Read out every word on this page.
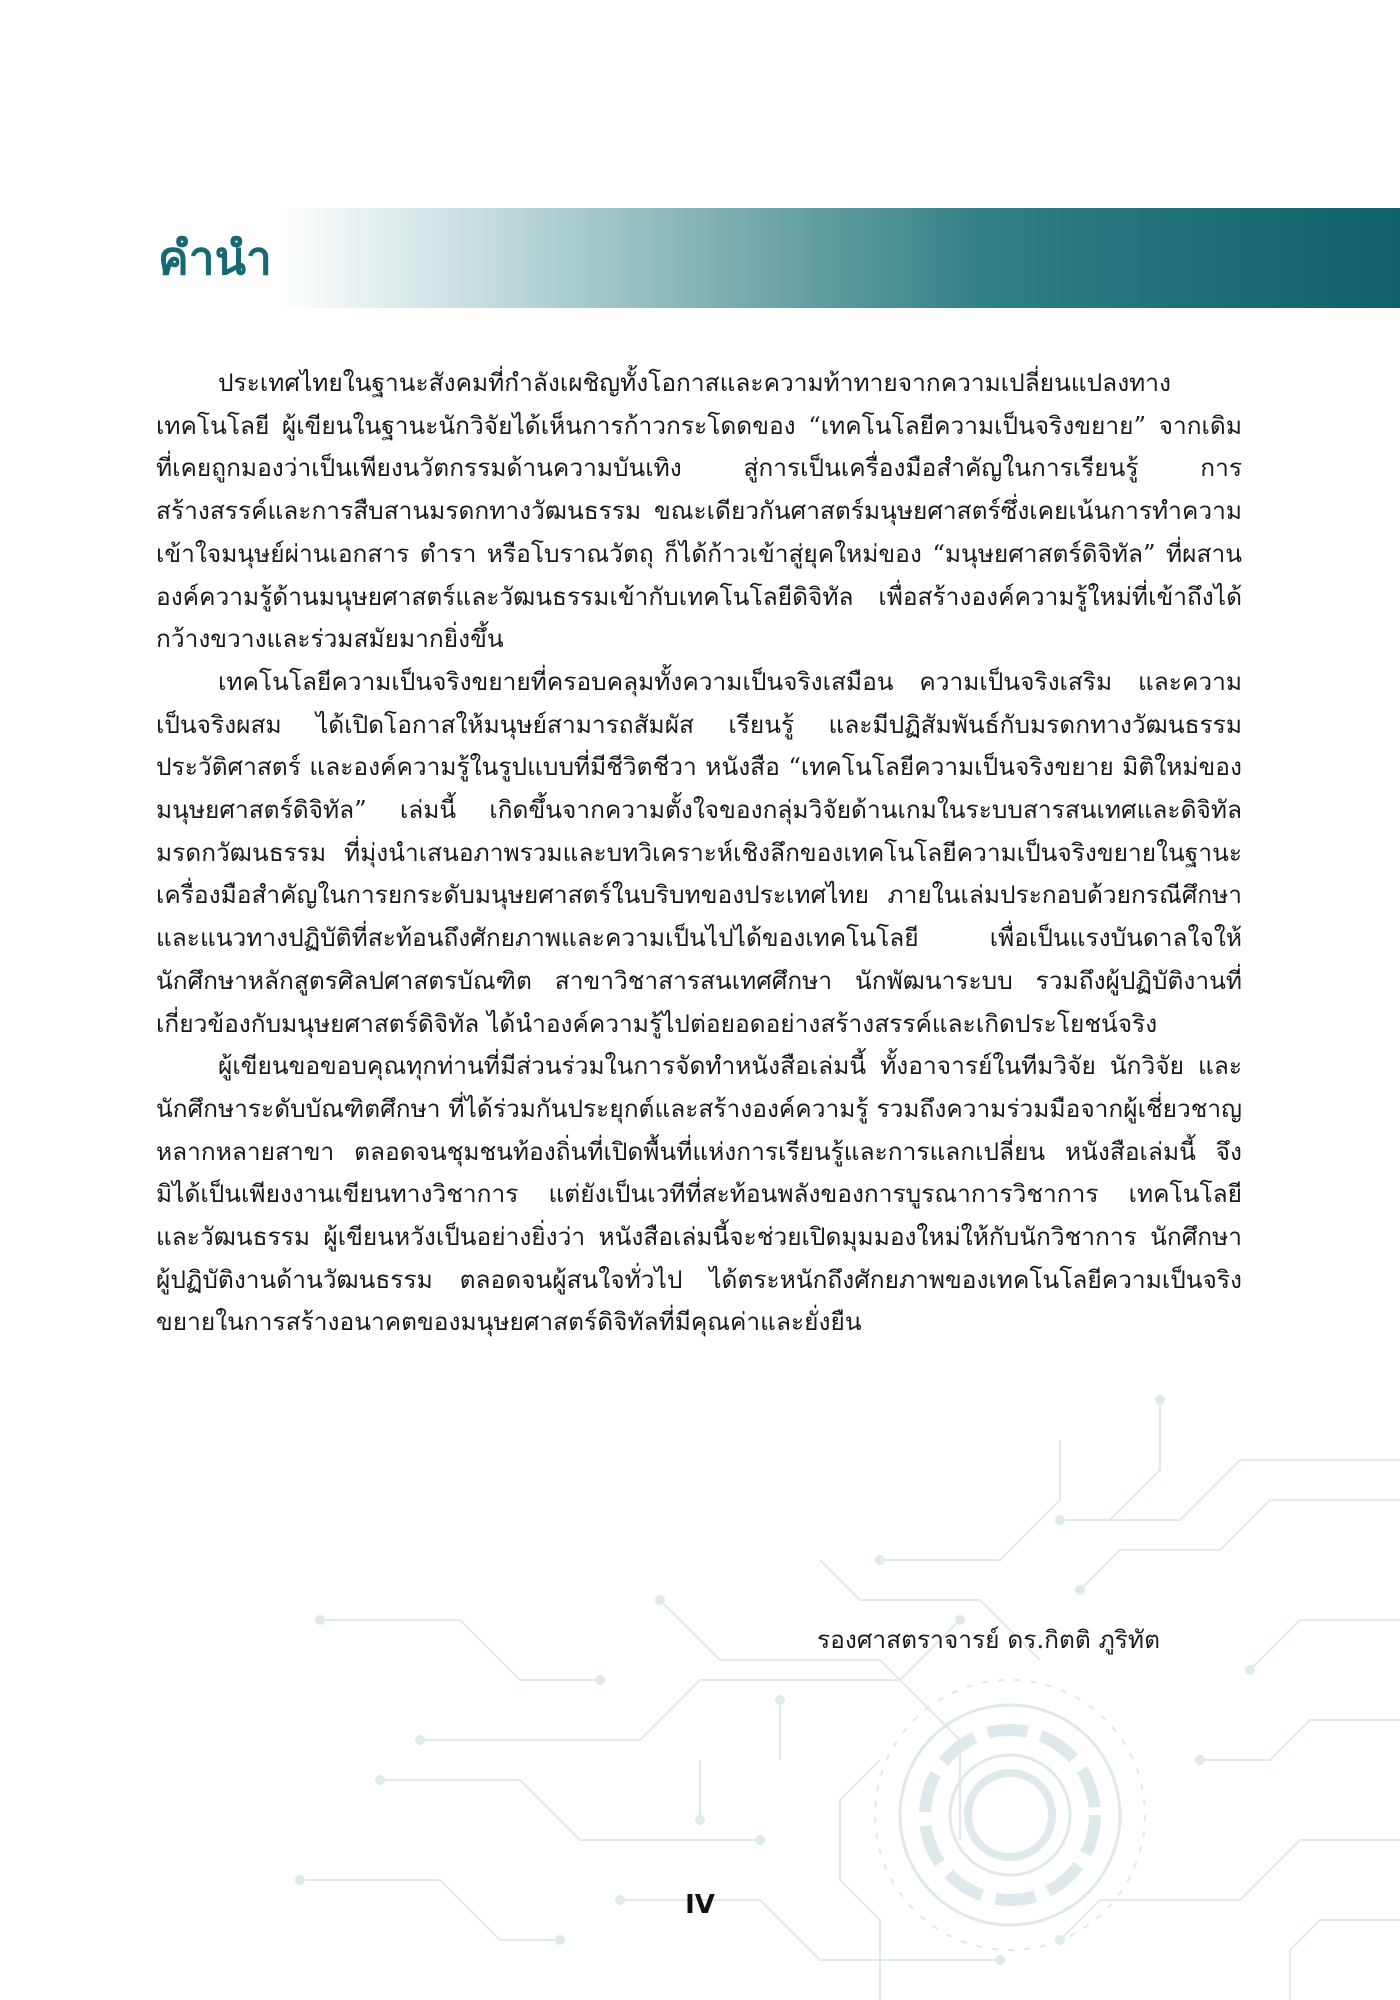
คำนำ

ประเทศไทยในฐานะสังคมที่กำลังเผชิญทั้งโอกาสและความท้าทายจากความเปลี่ยนแปลงทางเทคโนโลยี ผู้เขียนในฐานะนักวิจัยได้เห็นการก้าวกระโดดของ “เทคโนโลยีความเป็นจริงขยาย” จากเดิมที่เคยถูกมองว่าเป็นเพียงนวัตกรรมด้านความบันเทิง สู่การเป็นเครื่องมือสำคัญในการเรียนรู้ การสร้างสรรค์และการสืบสานมรดกทางวัฒนธรรม ขณะเดียวกันศาสตร์มนุษยศาสตร์ซึ่งเคยเน้นการทำความเข้าใจมนุษย์ผ่านเอกสาร ตำรา หรือโบราณวัตถุ ก็ได้ก้าวเข้าสู่ยุคใหม่ของ “มนุษยศาสตร์ดิจิทัล” ที่ผสานองค์ความรู้ด้านมนุษยศาสตร์และวัฒนธรรมเข้ากับเทคโนโลยีดิจิทัล เพื่อสร้างองค์ความรู้ใหม่ที่เข้าถึงได้กว้างขวางและร่วมสมัยมากยิ่งขึ้น

เทคโนโลยีความเป็นจริงขยายที่ครอบคลุมทั้งความเป็นจริงเสมือน ความเป็นจริงเสริม และความเป็นจริงผสม ได้เปิดโอกาสให้มนุษย์สามารถสัมผัส เรียนรู้ และมีปฏิสัมพันธ์กับมรดกทางวัฒนธรรม ประวัติศาสตร์ และองค์ความรู้ในรูปแบบที่มีชีวิตชีวา หนังสือ “เทคโนโลยีความเป็นจริงขยาย มิติใหม่ของมนุษยศาสตร์ดิจิทัล” เล่มนี้ เกิดขึ้นจากความตั้งใจของกลุ่มวิจัยด้านเกมในระบบสารสนเทศและดิจิทัลมรดกวัฒนธรรม ที่มุ่งนำเสนอภาพรวมและบทวิเคราะห์เชิงลึกของเทคโนโลยีความเป็นจริงขยายในฐานะเครื่องมือสำคัญในการยกระดับมนุษยศาสตร์ในบริบทของประเทศไทย ภายในเล่มประกอบด้วยกรณีศึกษาและแนวทางปฏิบัติที่สะท้อนถึงศักยภาพและความเป็นไปได้ของเทคโนโลยี เพื่อเป็นแรงบันดาลใจให้นักศึกษาหลักสูตรศิลปศาสตรบัณฑิต สาขาวิชาสารสนเทศศึกษา นักพัฒนาระบบ รวมถึงผู้ปฏิบัติงานที่เกี่ยวข้องกับมนุษยศาสตร์ดิจิทัล ได้นำองค์ความรู้ไปต่อยอดอย่างสร้างสรรค์และเกิดประโยชน์จริง

ผู้เขียนขอขอบคุณทุกท่านที่มีส่วนร่วมในการจัดทำหนังสือเล่มนี้ ทั้งอาจารย์ในทีมวิจัย นักวิจัย และนักศึกษาระดับบัณฑิตศึกษา ที่ได้ร่วมกันประยุกต์และสร้างองค์ความรู้ รวมถึงความร่วมมือจากผู้เชี่ยวชาญหลากหลายสาขา ตลอดจนชุมชนท้องถิ่นที่เปิดพื้นที่แห่งการเรียนรู้และการแลกเปลี่ยน หนังสือเล่มนี้ จึงมิได้เป็นเพียงงานเขียนทางวิชาการ แต่ยังเป็นเวทีที่สะท้อนพลังของการบูรณาการวิชาการ เทคโนโลยี และวัฒนธรรม ผู้เขียนหวังเป็นอย่างยิ่งว่า หนังสือเล่มนี้จะช่วยเปิดมุมมองใหม่ให้กับนักวิชาการ นักศึกษา ผู้ปฏิบัติงานด้านวัฒนธรรม ตลอดจนผู้สนใจทั่วไป ได้ตระหนักถึงศักยภาพของเทคโนโลยีความเป็นจริงขยายในการสร้างอนาคตของมนุษยศาสตร์ดิจิทัลที่มีคุณค่าและยั่งยืน

รองศาสตราจารย์ ดร.กิตติ ภูริทัต
IV
